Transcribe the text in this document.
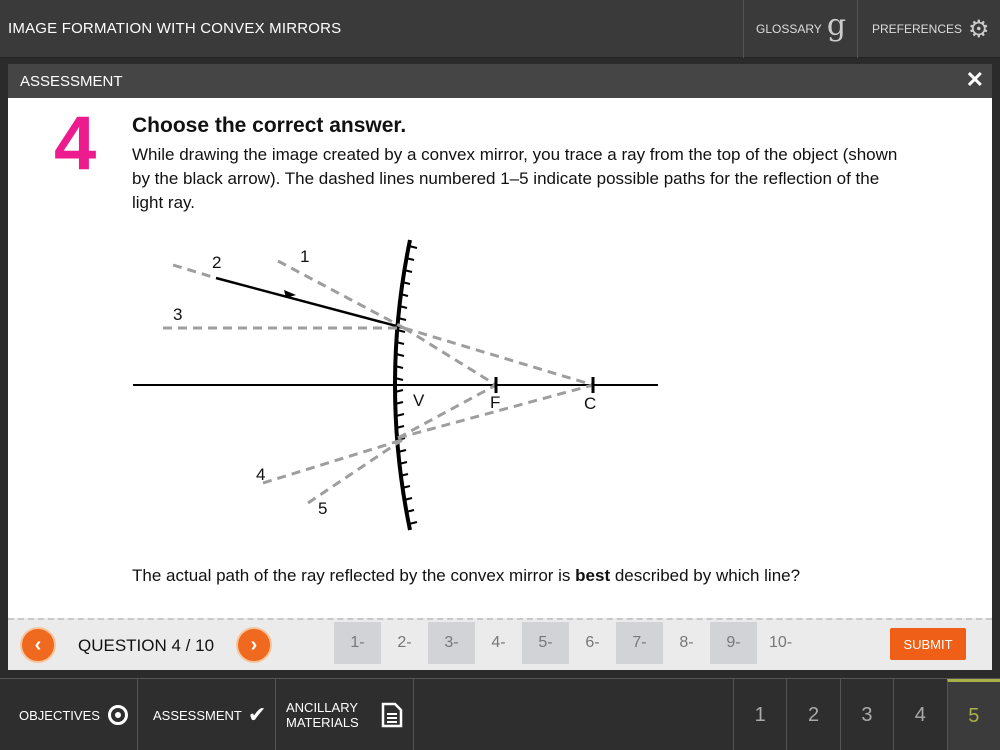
IMAGE FORMATION WITH CONVEX MIRRORS	GLOSSARY g PREFERENCES ⚙
ASSESSMENT	✕
4 Choose the correct answer.
While drawing the image created by a convex mirror, you trace a ray from the top of the object (shown by the black arrow). The dashed lines numbered 1–5 indicate possible paths for the reflection of the light ray.
1
2
3
4
5
V	F	C
The actual path of the ray reflected by the convex mirror is best described by which line?
‹	QUESTION 4 / 10	›	1-	2-	3-	4-	5-	6-	7-	8-	9-	10-	SUBMIT
OBJECTIVES	ASSESSMENT ✔ ANCILLARY
MATERIALS	1	2	3	4	5
